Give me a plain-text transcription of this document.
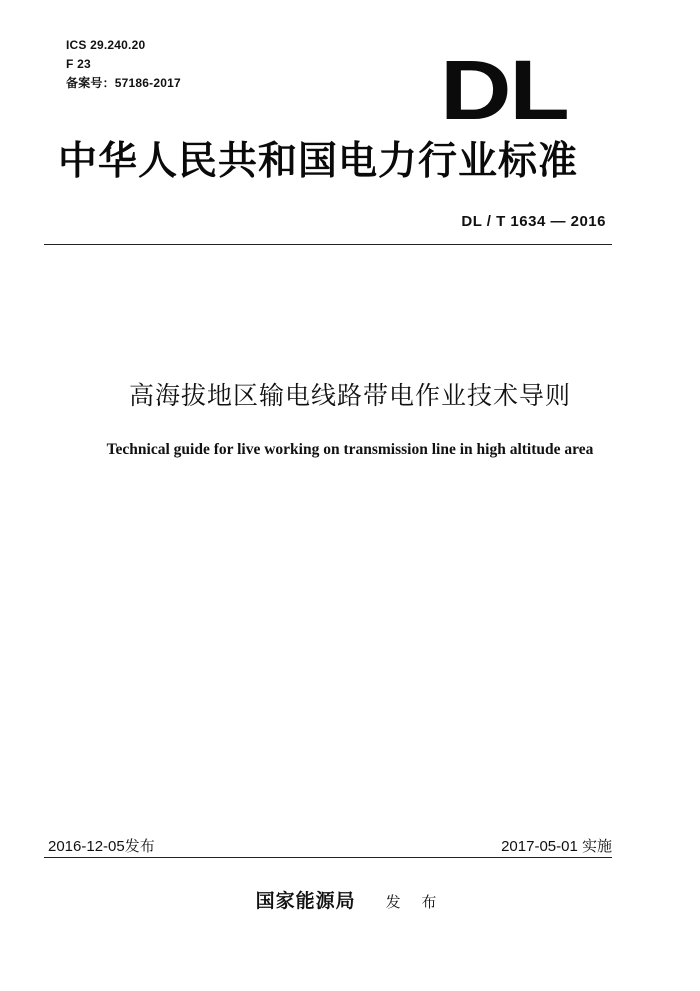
ICS 29.240.20
F 23
备案号：57186-2017	DL
中华人民共和国电力行业标准
DL / T 1634 — 2016
高海拔地区输电线路带电作业技术导则
Technical guide for live working on transmission line in high altitude area
2016-12-05发布	2017-05-01 实施
国家能源局 发 布
